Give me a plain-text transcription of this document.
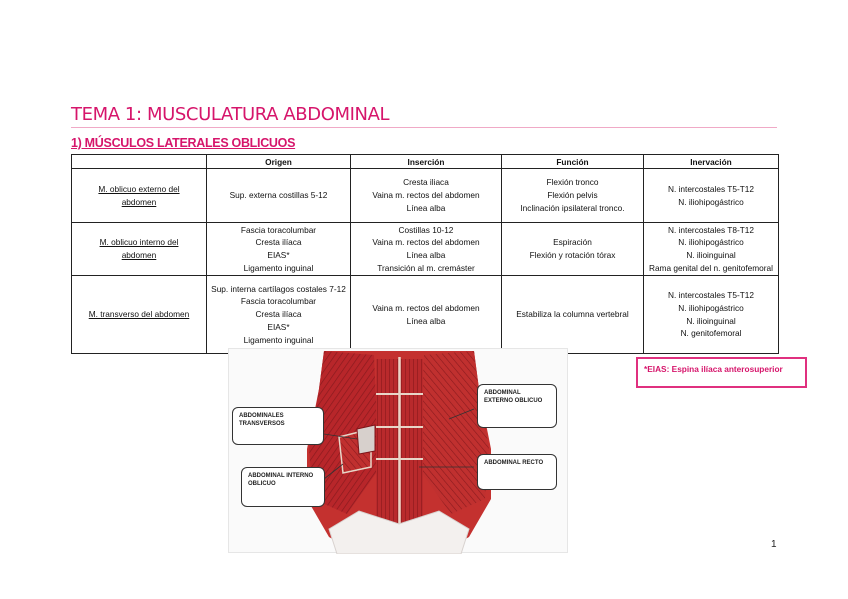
TEMA 1: MUSCULATURA ABDOMINAL
1) MÚSCULOS LATERALES OBLICUOS
	Origen	Inserción	Función	Inervación

M. oblicuo externo del abdomen	Sup. externa costillas 5-12	Cresta iliaca
Vaina m. rectos del abdomen
Línea alba	Flexión tronco
Flexión pelvis
Inclinación ipsilateral tronco.	N. intercostales T5-T12
N. iliohipogástrico

M. oblicuo interno del abdomen	Fascia toracolumbar
Cresta ilíaca
EIAS*
Ligamento inguinal	Costillas 10-12
Vaina m. rectos del abdomen
Línea alba
Transición al m. cremáster	Espiración
Flexión y rotación tórax	N. intercostales T8-T12
N. iliohipogástrico
N. ilioinguinal
Rama genital del n. genitofemoral

M. transverso del abdomen	Sup. interna cartílagos costales 7-12
Fascia toracolumbar
Cresta ilíaca
EIAS*
Ligamento inguinal	Vaina m. rectos del abdomen
Línea alba	Estabiliza la columna vertebral	N. intercostales T5-T12
N. iliohipogástrico
N. ilioinguinal
N. genitofemoral
ABDOMINALES TRANSVERSOS
ABDOMINAL INTERNO OBLICUO
ABDOMINAL EXTERNO OBLICUO
ABDOMINAL RECTO
*EIAS: Espina ilíaca anterosuperior
1
